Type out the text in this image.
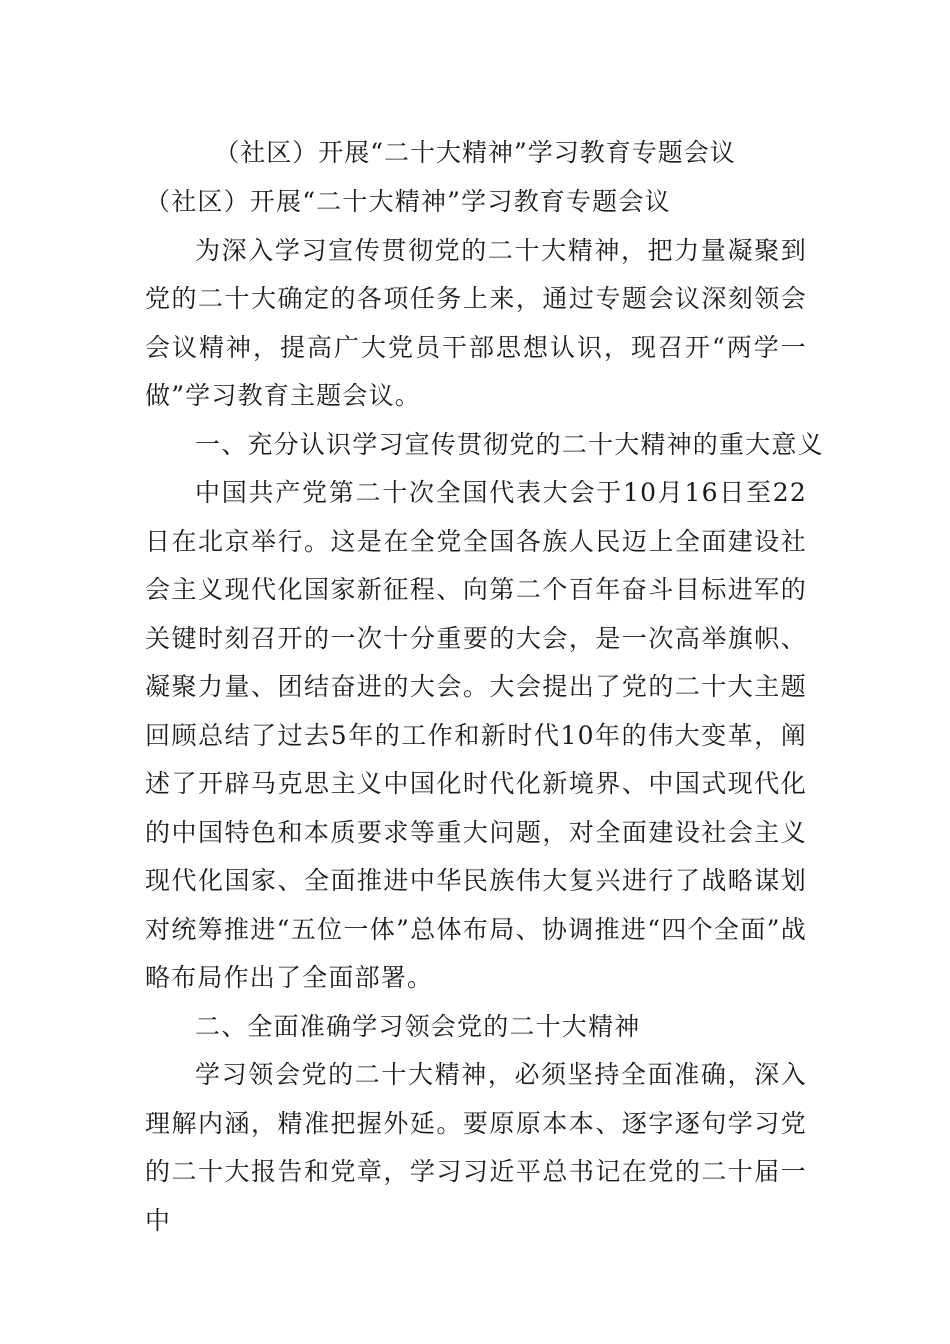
（社区）开展“二十大精神”学习教育专题会议

（社区）开展“二十大精神”学习教育专题会议

为深入学习宣传贯彻党的二十大精神，把力量凝聚到党的二十大确定的各项任务上来，通过专题会议深刻领会会议精神，提高广大党员干部思想认识，现召开“两学一做”学习教育主题会议。

一、充分认识学习宣传贯彻党的二十大精神的重大意义

中国共产党第二十次全国代表大会于10月16日至22日在北京举行。这是在全党全国各族人民迈上全面建设社会主义现代化国家新征程、向第二个百年奋斗目标进军的关键时刻召开的一次十分重要的大会，是一次高举旗帜、凝聚力量、团结奋进的大会。大会提出了党的二十大主题回顾总结了过去5年的工作和新时代10年的伟大变革，阐述了开辟马克思主义中国化时代化新境界、中国式现代化的中国特色和本质要求等重大问题，对全面建设社会主义现代化国家、全面推进中华民族伟大复兴进行了战略谋划对统筹推进“五位一体”总体布局、协调推进“四个全面”战略布局作出了全面部署。

二、全面准确学习领会党的二十大精神

学习领会党的二十大精神，必须坚持全面准确，深入理解内涵，精准把握外延。要原原本本、逐字逐句学习党的二十大报告和党章，学习习近平总书记在党的二十届一中
